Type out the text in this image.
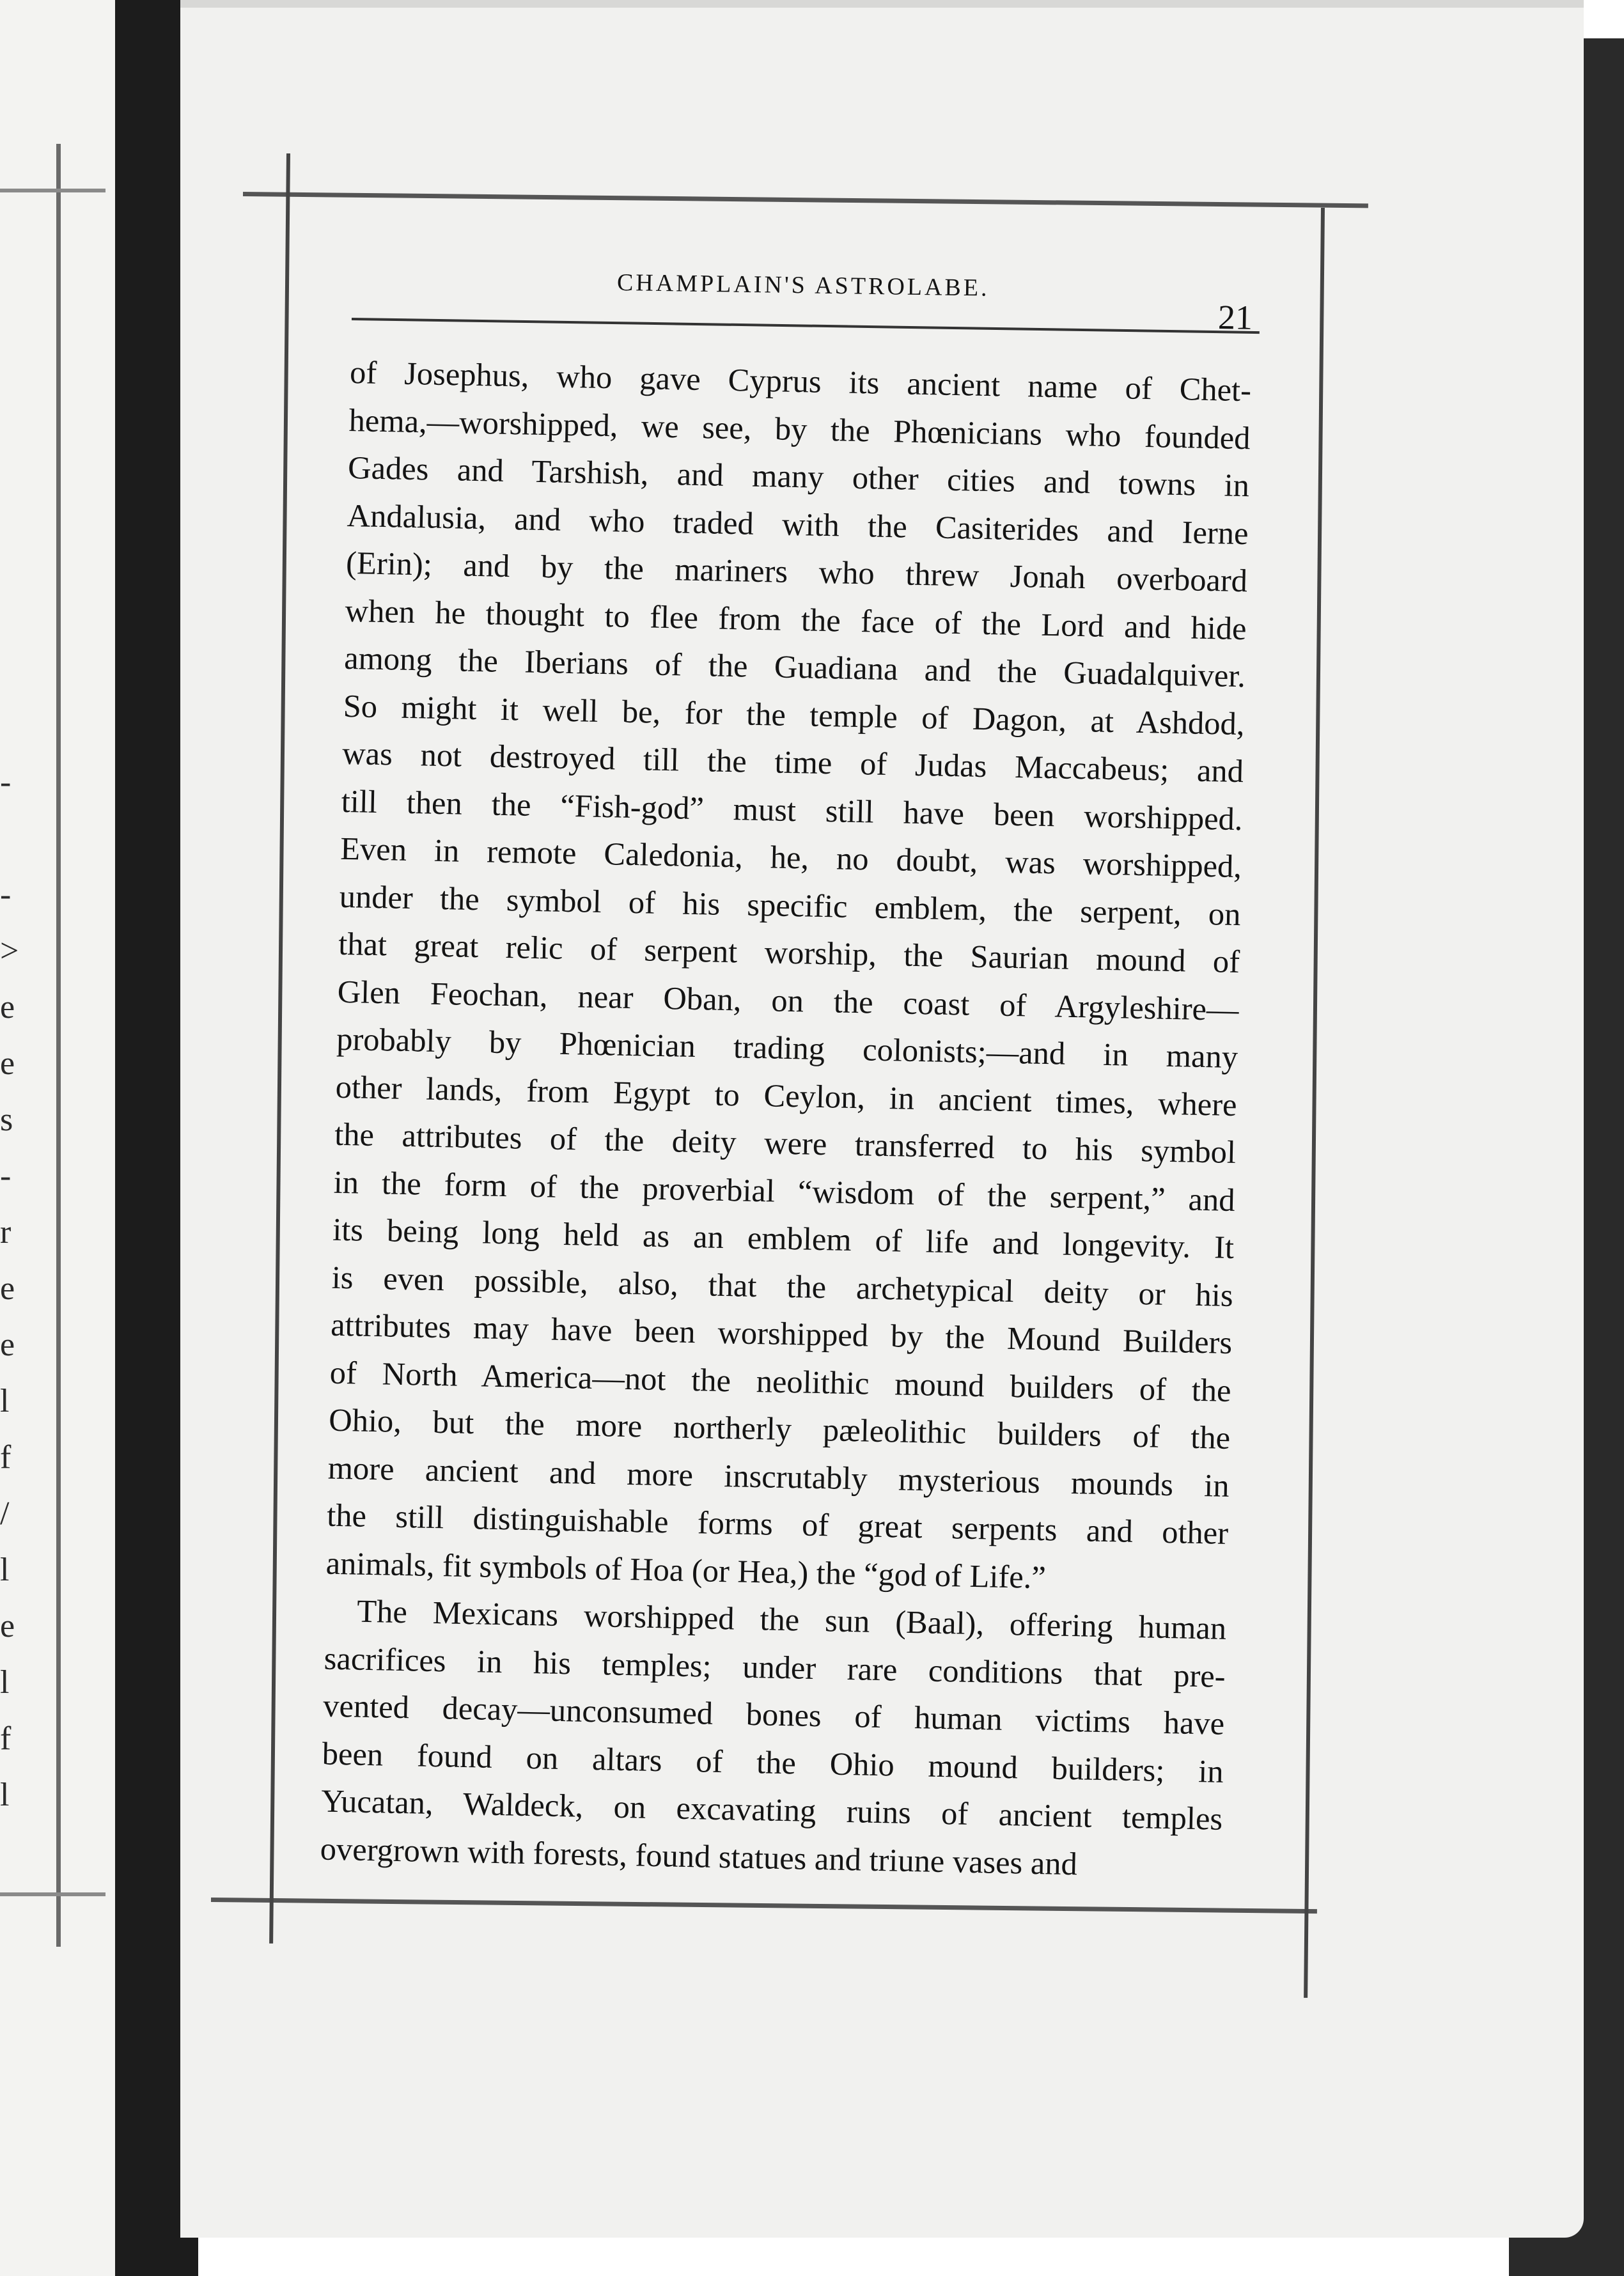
-
-
>
e
e
s
-
r
e
e
l
f
/
l
e
l
f
l
CHAMPLAIN'S ASTROLABE.
21
of Josephus, who gave Cyprus its ancient name of Chet-
hema,—worshipped, we see, by the Phœnicians who founded
Gades and Tarshish, and many other cities and towns in
Andalusia, and who traded with the Casiterides and Ierne
(Erin); and by the mariners who threw Jonah overboard
when he thought to flee from the face of the Lord and hide
among the Iberians of the Guadiana and the Guadalquiver.
So might it well be, for the temple of Dagon, at Ashdod,
was not destroyed till the time of Judas Maccabeus; and
till then the “Fish-god” must still have been worshipped.
Even in remote Caledonia, he, no doubt, was worshipped,
under the symbol of his specific emblem, the serpent, on
that great relic of serpent worship, the Saurian mound of
Glen Feochan, near Oban, on the coast of Argyleshire—
probably by Phœnician trading colonists;—and in many
other lands, from Egypt to Ceylon, in ancient times, where
the attributes of the deity were transferred to his symbol
in the form of the proverbial “wisdom of the serpent,” and
its being long held as an emblem of life and longevity. It
is even possible, also, that the archetypical deity or his
attributes may have been worshipped by the Mound Builders
of North America—not the neolithic mound builders of the
Ohio, but the more northerly pæleolithic builders of the
more ancient and more inscrutably mysterious mounds in
the still distinguishable forms of great serpents and other
animals, fit symbols of Hoa (or Hea,) the “god of Life.”
The Mexicans worshipped the sun (Baal), offering human
sacrifices in his temples; under rare conditions that pre-
vented decay—unconsumed bones of human victims have
been found on altars of the Ohio mound builders; in
Yucatan, Waldeck, on excavating ruins of ancient temples
overgrown with forests, found statues and triune vases and
